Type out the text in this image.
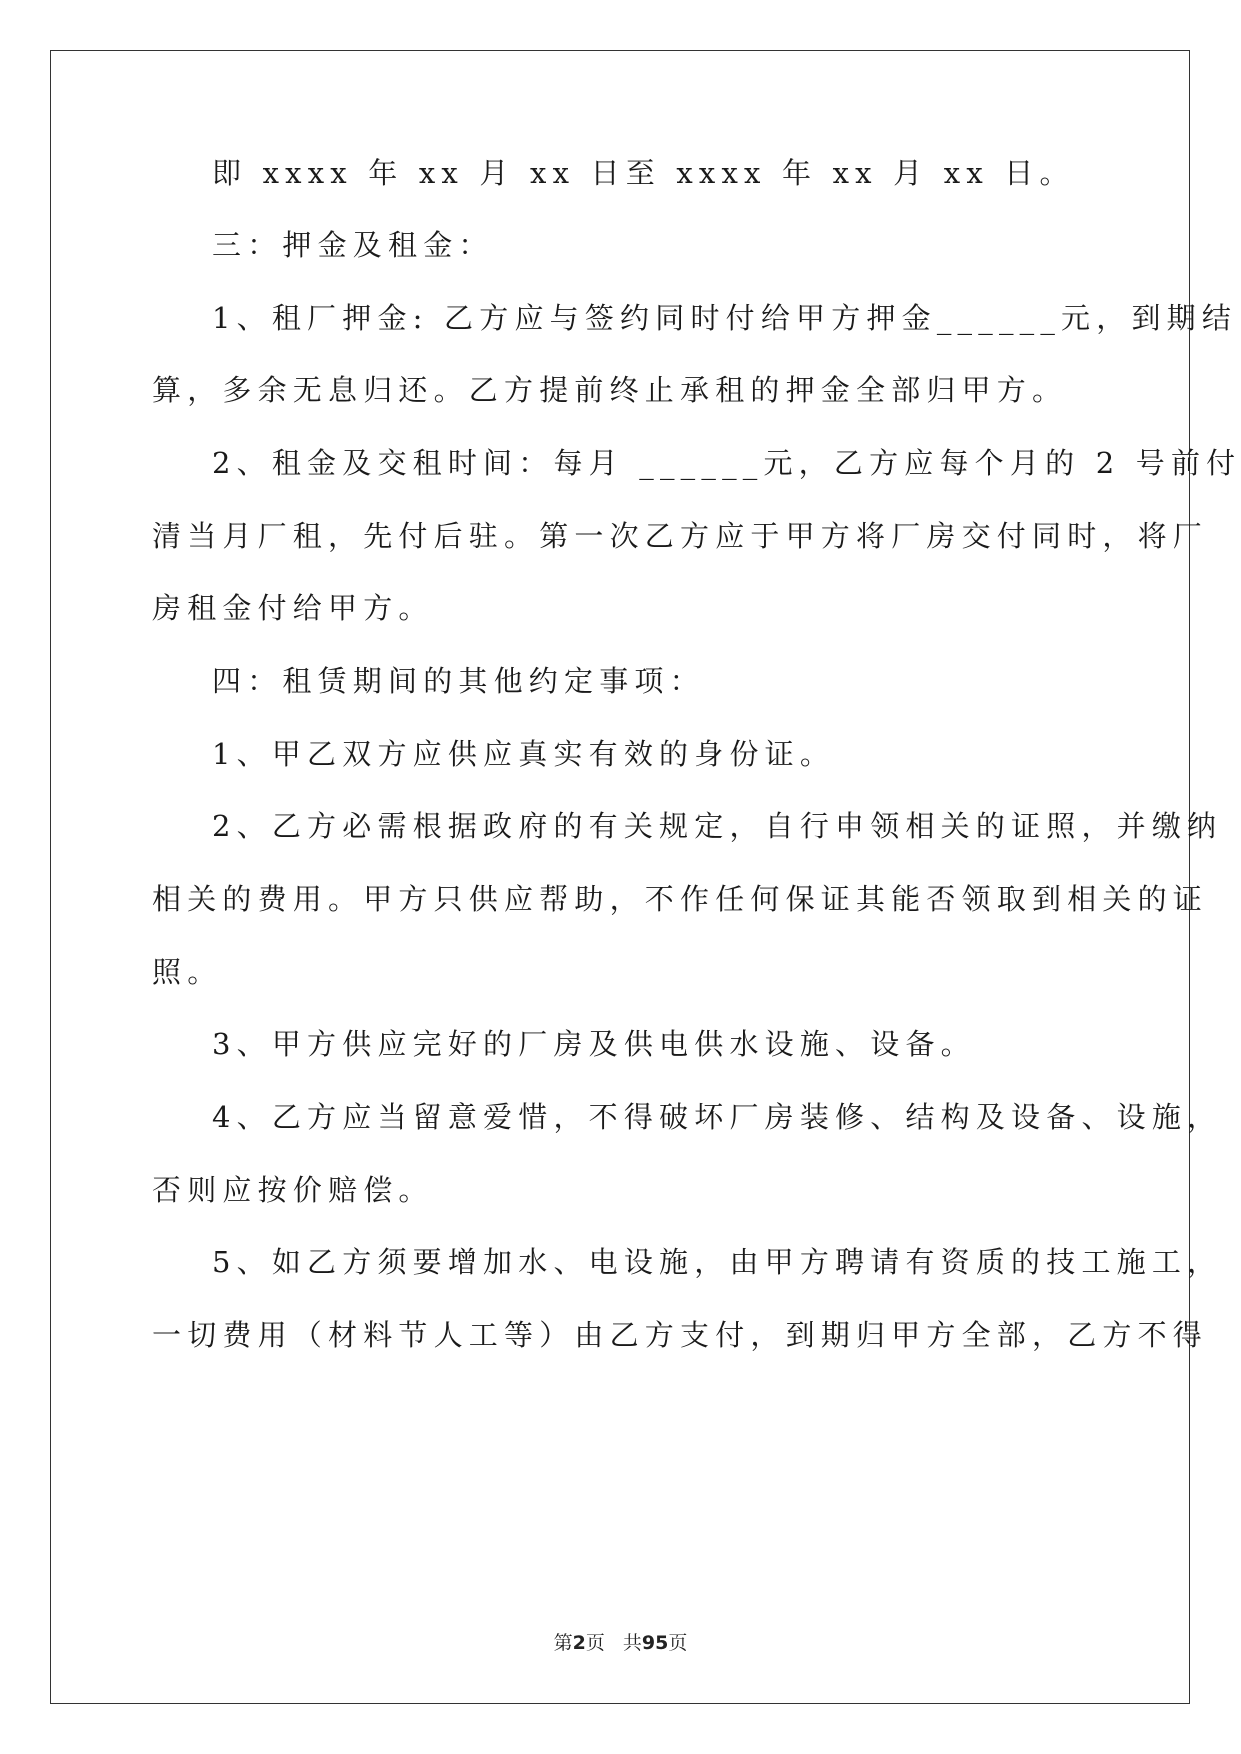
即 xxxx 年 xx 月 xx 日至 xxxx 年 xx 月 xx 日。
三：押金及租金：
1、租厂押金: 乙方应与签约同时付给甲方押金______元，到期结
算，多余无息归还。乙方提前终止承租的押金全部归甲方。
2、租金及交租时间：每月 ______元，乙方应每个月的 2 号前付
清当月厂租，先付后驻。第一次乙方应于甲方将厂房交付同时，将厂
房租金付给甲方。
四：租赁期间的其他约定事项：
1、甲乙双方应供应真实有效的身份证。
2、乙方必需根据政府的有关规定，自行申领相关的证照，并缴纳
相关的费用。甲方只供应帮助，不作任何保证其能否领取到相关的证
照。
3、甲方供应完好的厂房及供电供水设施、设备。
4、乙方应当留意爱惜，不得破坏厂房装修、结构及设备、设施，
否则应按价赔偿。
5、如乙方须要增加水、电设施，由甲方聘请有资质的技工施工，
一切费用（材料节人工等）由乙方支付，到期归甲方全部，乙方不得
第2页 共95页
